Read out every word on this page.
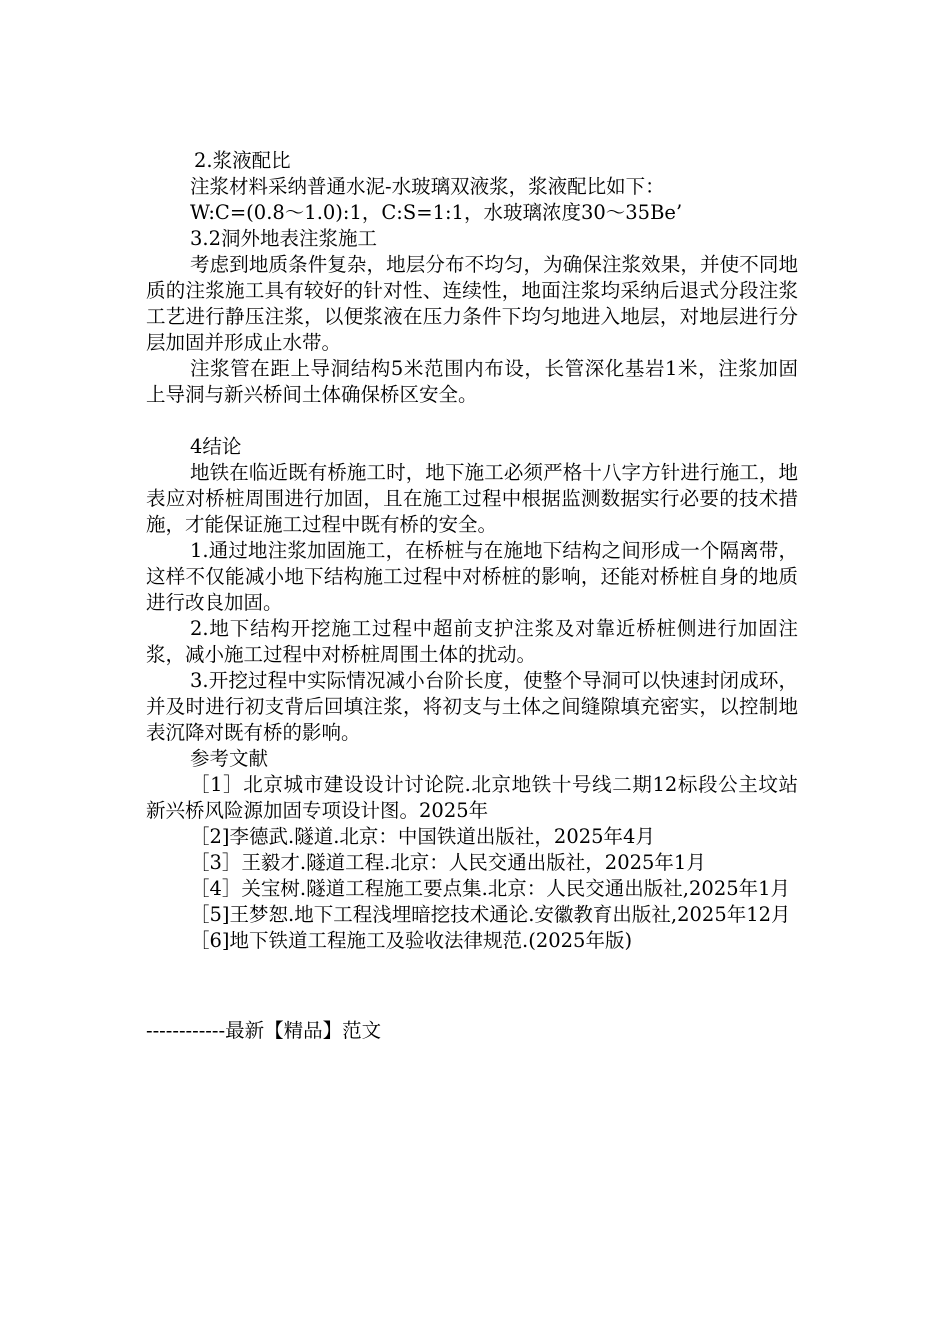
2.浆液配比

注浆材料采纳普通水泥-水玻璃双液浆，浆液配比如下：

W:C=(0.8～1.0):1，C:S=1:1，水玻璃浓度30～35Be’

3.2洞外地表注浆施工

考虑到地质条件复杂，地层分布不均匀，为确保注浆效果，并使不同地质的注浆施工具有较好的针对性、连续性，地面注浆均采纳后退式分段注浆工艺进行静压注浆，以便浆液在压力条件下均匀地进入地层，对地层进行分层加固并形成止水带。

注浆管在距上导洞结构5米范围内布设，长管深化基岩1米，注浆加固上导洞与新兴桥间土体确保桥区安全。

4结论

地铁在临近既有桥施工时，地下施工必须严格十八字方针进行施工，地表应对桥桩周围进行加固，且在施工过程中根据监测数据实行必要的技术措施，才能保证施工过程中既有桥的安全。

1.通过地注浆加固施工，在桥桩与在施地下结构之间形成一个隔离带，这样不仅能减小地下结构施工过程中对桥桩的影响，还能对桥桩自身的地质进行改良加固。

2.地下结构开挖施工过程中超前支护注浆及对靠近桥桩侧进行加固注浆，减小施工过程中对桥桩周围土体的扰动。

3.开挖过程中实际情况减小台阶长度，使整个导洞可以快速封闭成环，并及时进行初支背后回填注浆，将初支与土体之间缝隙填充密实，以控制地表沉降对既有桥的影响。

参考文献

［1］北京城市建设设计讨论院.北京地铁十号线二期12标段公主坟站新兴桥风险源加固专项设计图。2025年

［2]李德武.隧道.北京：中国铁道出版社，2025年4月

［3］王毅才.隧道工程.北京：人民交通出版社，2025年1月

［4］关宝树.隧道工程施工要点集.北京：人民交通出版社,2025年1月

［5]王梦恕.地下工程浅埋暗挖技术通论.安徽教育出版社,2025年12月

［6]地下铁道工程施工及验收法律规范.(2025年版)

------------最新【精品】范文
